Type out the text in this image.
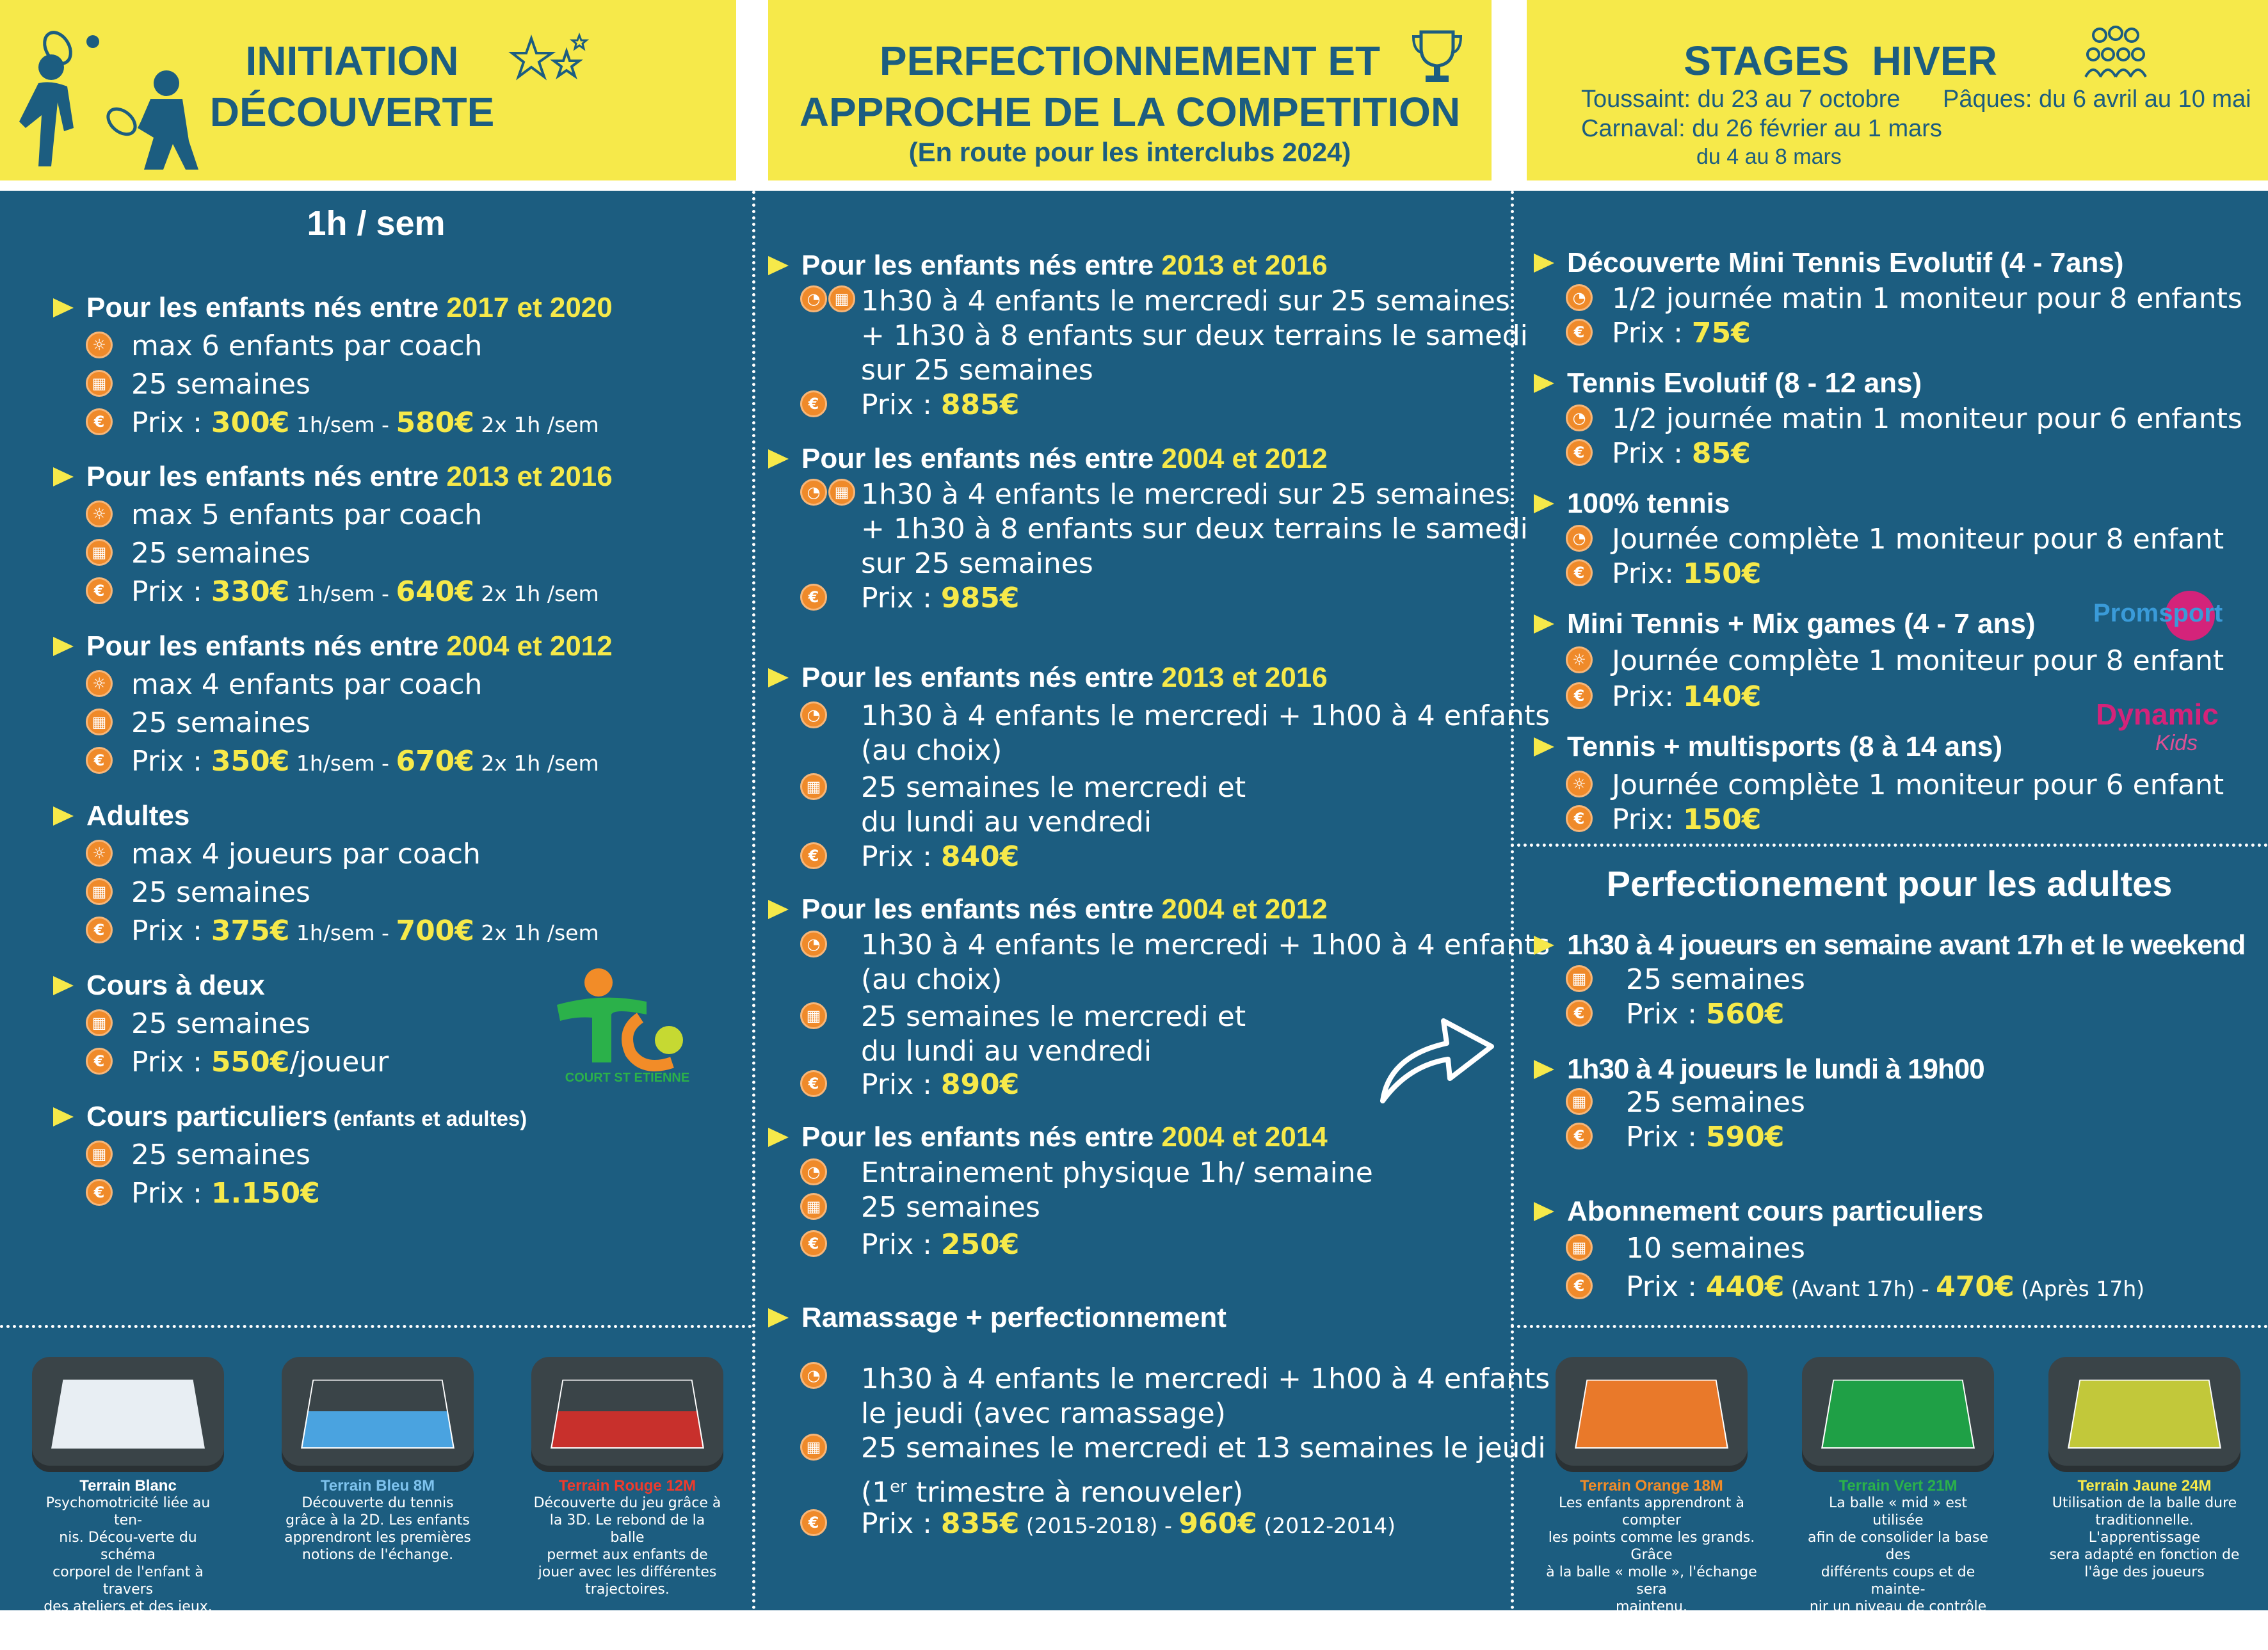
INITIATION
DÉCOUVERTE
PERFECTIONNEMENT ET
APPROCHE DE LA COMPETITION
(En route pour les interclubs 2024)
STAGES  HIVER
Toussaint: du 23 au 7 octobre Pâques: du 6 avril au 10 mai
Carnaval: du 26 février au 1 mars
du 4 au 8 mars
1h / sem
Pour les enfants nés entre 2017 et 2020
☼ max 6 enfants par coach
▦ 25 semaines
€ Prix : 300€ 1h/sem - 580€ 2x 1h /sem
Pour les enfants nés entre 2013 et 2016
☼ max 5 enfants par coach
▦ 25 semaines
€ Prix : 330€ 1h/sem - 640€ 2x 1h /sem
Pour les enfants nés entre 2004 et 2012
☼ max 4 enfants par coach
▦ 25 semaines
€ Prix : 350€ 1h/sem - 670€ 2x 1h /sem
Adultes
☼ max 4 joueurs par coach
▦ 25 semaines
€ Prix : 375€ 1h/sem - 700€ 2x 1h /sem
Cours à deux
▦ 25 semaines
€ Prix : 550€/joueur
Cours particuliers (enfants et adultes)
▦ 25 semaines
€ Prix : 1.150€
COURT ST ETIENNE
Pour les enfants nés entre 2013 et 2016
◔ ▦ 1h30 à 4 enfants le mercredi sur 25 semaines
+ 1h30 à 8 enfants sur deux terrains le samedi
sur 25 semaines
€ Prix : 885€
Pour les enfants nés entre 2004 et 2012
◔ ▦ 1h30 à 4 enfants le mercredi sur 25 semaines
+ 1h30 à 8 enfants sur deux terrains le samedi
sur 25 semaines
€ Prix : 985€
Pour les enfants nés entre 2013 et 2016
◔ 1h30 à 4 enfants le mercredi + 1h00 à 4 enfants
(au choix)
▦ 25 semaines le mercredi et
du lundi au vendredi
€ Prix : 840€
Pour les enfants nés entre 2004 et 2012
◔ 1h30 à 4 enfants le mercredi + 1h00 à 4 enfants
(au choix)
▦ 25 semaines le mercredi et
du lundi au vendredi
€ Prix : 890€
Pour les enfants nés entre 2004 et 2014
◔ Entrainement physique 1h/ semaine
▦ 25 semaines
€ Prix : 250€
Ramassage + perfectionnement
◔ 1h30 à 4 enfants le mercredi + 1h00 à 4 enfants
le jeudi (avec ramassage)
▦ 25 semaines le mercredi et 13 semaines le jeudi
(1er trimestre à renouveler)
€ Prix : 835€ (2015-2018) - 960€ (2012-2014)
Découverte Mini Tennis Evolutif (4 - 7ans)
◔ 1/2 journée matin 1 moniteur pour 8 enfants
€ Prix : 75€
Tennis Evolutif (8 - 12 ans)
◔ 1/2 journée matin 1 moniteur pour 6 enfants
€ Prix : 85€
100% tennis
◔ Journée complète 1 moniteur pour 8 enfant
€ Prix: 150€
Mini Tennis + Mix games (4 - 7 ans)
☼ Journée complète 1 moniteur pour 8 enfant
€ Prix: 140€
Tennis + multisports (8 à 14 ans)
☼ Journée complète 1 moniteur pour 6 enfant
€ Prix: 150€
Promsport
Dynamic
Kids
Perfectionement pour les adultes
1h30 à 4 joueurs en semaine avant 17h et le weekend
▦ 25 semaines
€ Prix : 560€
1h30 à 4 joueurs le lundi à 19h00
▦ 25 semaines
€ Prix : 590€
Abonnement cours particuliers
▦ 10 semaines
€ Prix : 440€ (Avant 17h) - 470€ (Après 17h)
Terrain Blanc
Psychomotricité liée au ten-
nis. Décou-verte du schéma
corporel de l'enfant à travers
des ateliers et des jeux.
Terrain Bleu 8M
Découverte du tennis
grâce à la 2D. Les enfants
apprendront les premières
notions de l'échange.
Terrain Rouge 12M
Découverte du jeu grâce à
la 3D. Le rebond de la balle
permet aux enfants de
jouer avec les différentes
trajectoires.
Terrain Orange 18M
Les enfants apprendront à compter
les points comme les grands. Grâce
à la balle « molle », l'échange sera
maintenu.
Terrain Vert 21M
La balle « mid » est utilisée
afin de consolider la base des
différents coups et de mainte-
nir un niveau de contrôle et
de précision.
Terrain Jaune 24M
Utilisation de la balle dure
traditionnelle. L'apprentissage
sera adapté en fonction de
l'âge des joueurs
